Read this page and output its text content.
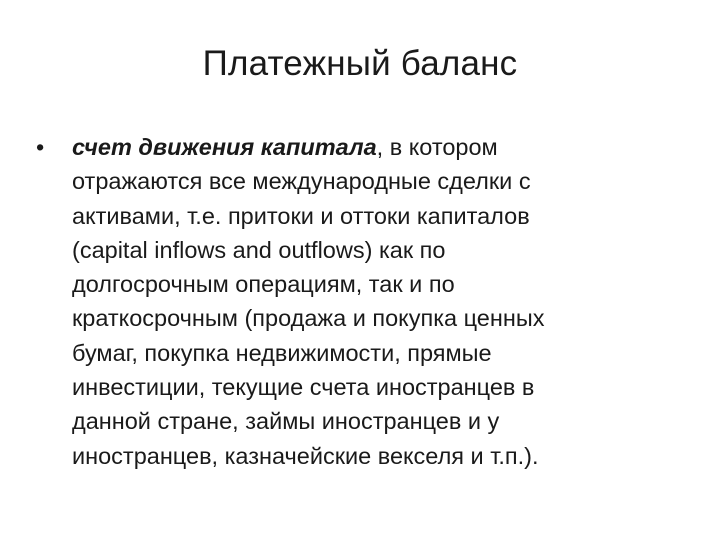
Платежный баланс
•	счет движения капитала, в котором
отражаются все международные сделки с
активами, т.е. притоки и оттоки капиталов
(capital inflows and outflows) как по
долгосрочным операциям, так и по
краткосрочным (продажа и покупка ценных
бумаг, покупка недвижимости, прямые
инвестиции, текущие счета иностранцев в
данной стране, займы иностранцев и у
иностранцев, казначейские векселя и т.п.).
